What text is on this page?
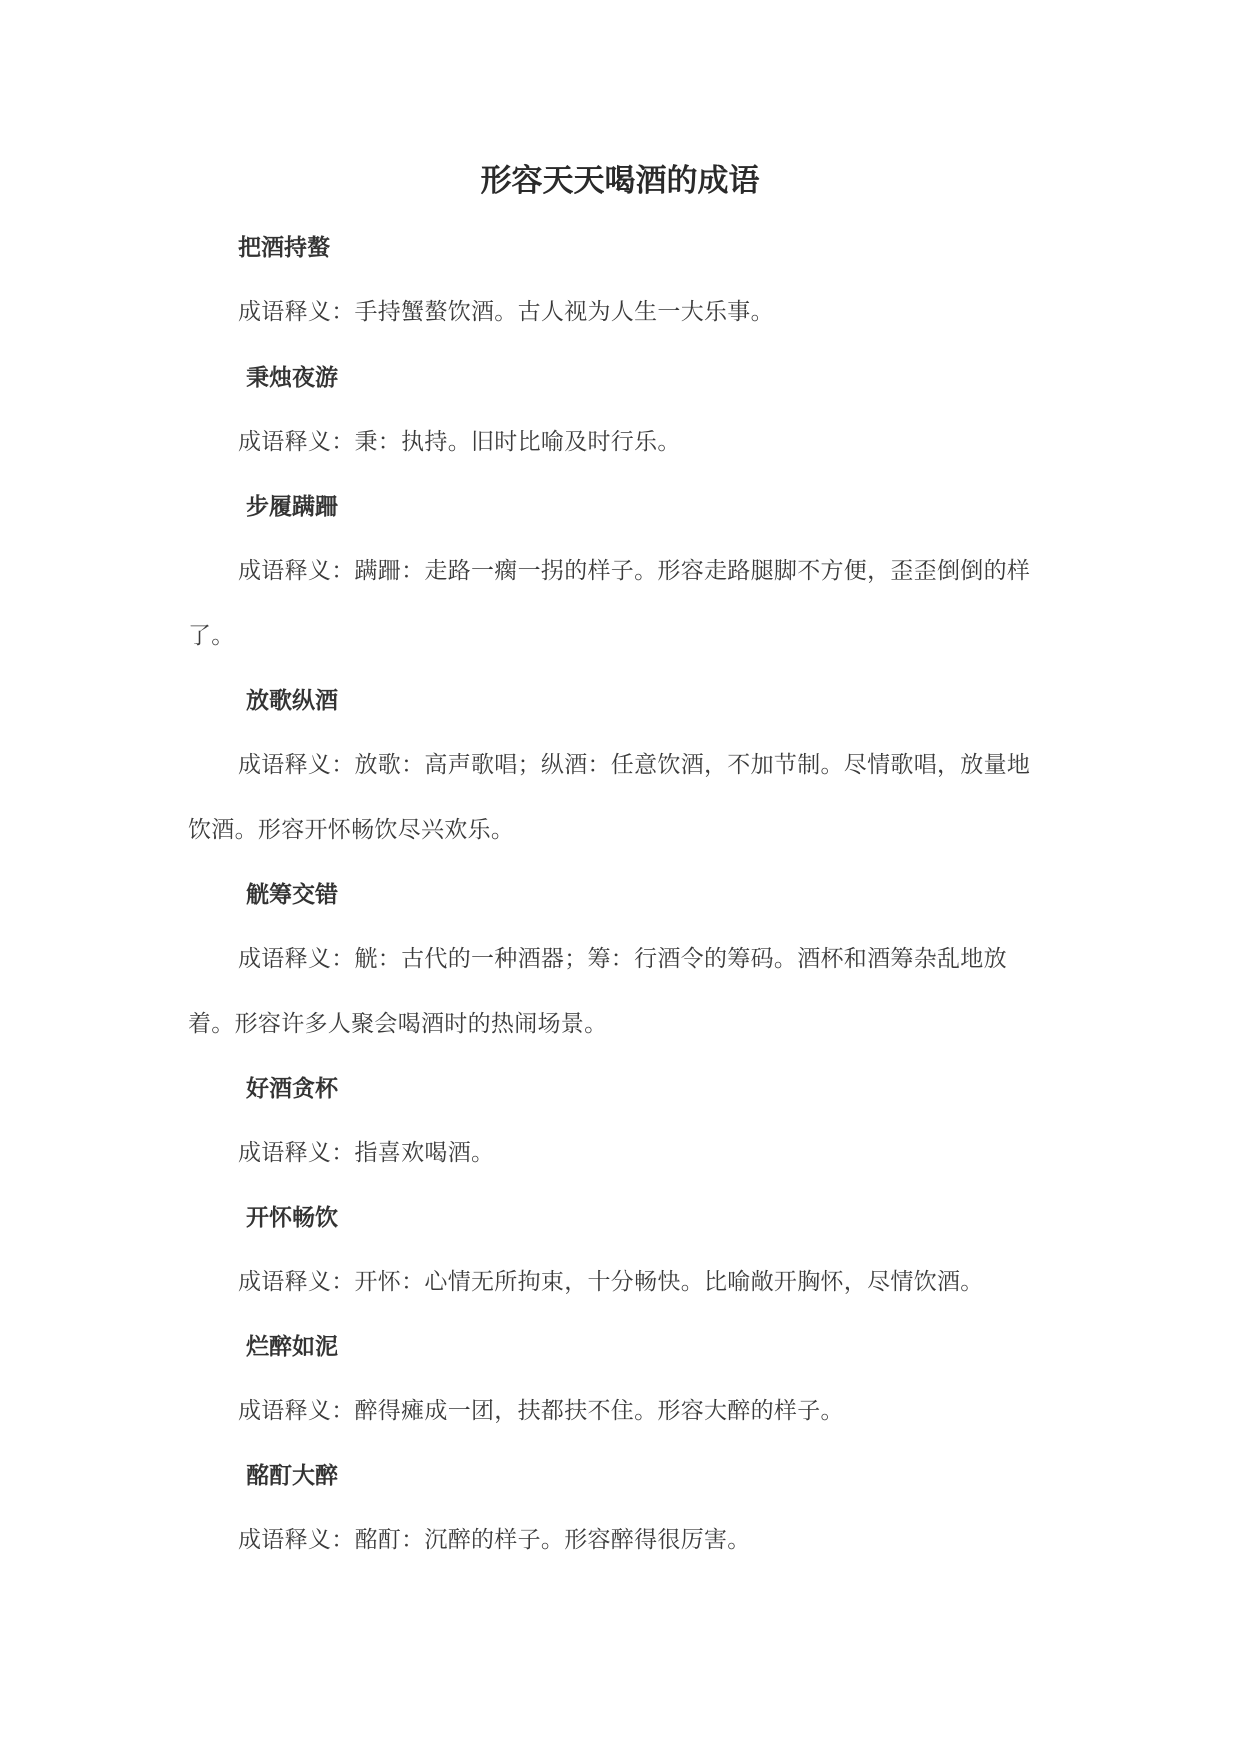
形容天天喝酒的成语
把酒持螯
成语释义：手持蟹螯饮酒。古人视为人生一大乐事。
秉烛夜游
成语释义：秉：执持。旧时比喻及时行乐。
步履蹒跚
成语释义：蹒跚：走路一瘸一拐的样子。形容走路腿脚不方便，歪歪倒倒的样了。
放歌纵酒
成语释义：放歌：高声歌唱；纵酒：任意饮酒，不加节制。尽情歌唱，放量地饮酒。形容开怀畅饮尽兴欢乐。
觥筹交错
成语释义：觥：古代的一种酒器；筹：行酒令的筹码。酒杯和酒筹杂乱地放着。形容许多人聚会喝酒时的热闹场景。
好酒贪杯
成语释义：指喜欢喝酒。
开怀畅饮
成语释义：开怀：心情无所拘束，十分畅快。比喻敞开胸怀，尽情饮酒。
烂醉如泥
成语释义：醉得瘫成一团，扶都扶不住。形容大醉的样子。
酩酊大醉
成语释义：酩酊：沉醉的样子。形容醉得很厉害。
